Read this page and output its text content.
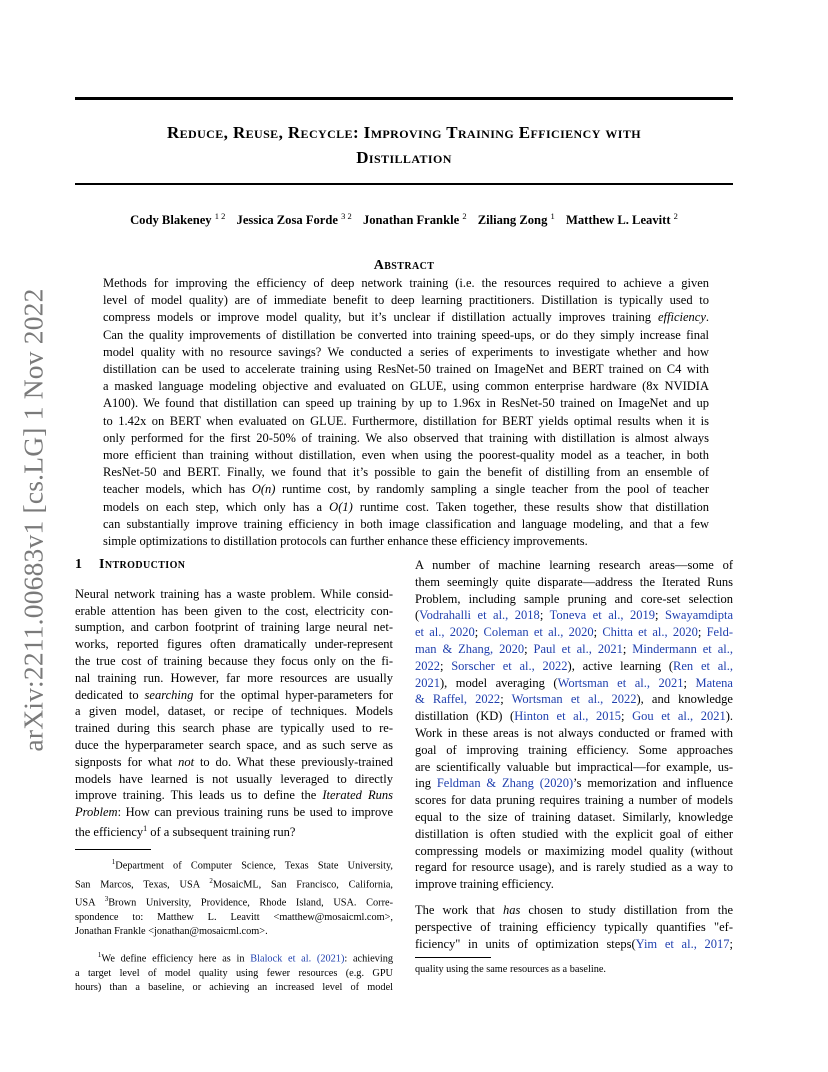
arXiv:2211.00683v1 [cs.LG] 1 Nov 2022
Reduce, Reuse, Recycle: Improving Training Efficiency with
Distillation
Cody Blakeney $^{1 2}$ Jessica Zosa Forde $^{3 2}$ Jonathan Frankle $^2$ Ziliang Zong $^1$ Matthew L. Leavitt $^2$
Abstract
Methods for improving the efficiency of deep network training (i.e. the resources required to achieve a given
level of model quality) are of immediate benefit to deep learning practitioners. Distillation is typically used to
compress models or improve model quality, but it’s unclear if distillation actually improves training efficiency.
Can the quality improvements of distillation be converted into training speed-ups, or do they simply increase final
model quality with no resource savings? We conducted a series of experiments to investigate whether and how
distillation can be used to accelerate training using ResNet-50 trained on ImageNet and BERT trained on C4 with
a masked language modeling objective and evaluated on GLUE, using common enterprise hardware (8x NVIDIA
A100). We found that distillation can speed up training by up to 1.96x in ResNet-50 trained on ImageNet and up
to 1.42x on BERT when evaluated on GLUE. Furthermore, distillation for BERT yields optimal results when it is
only performed for the first 20-50% of training. We also observed that training with distillation is almost always
more efficient than training without distillation, even when using the poorest-quality model as a teacher, in both
ResNet-50 and BERT. Finally, we found that it’s possible to gain the benefit of distilling from an ensemble of
teacher models, which has O(n) runtime cost, by randomly sampling a single teacher from the pool of teacher
models on each step, which only has a O(1) runtime cost. Taken together, these results show that distillation
can substantially improve training efficiency in both image classification and language modeling, and that a few
simple optimizations to distillation protocols can further enhance these efficiency improvements.
1 Introduction
Neural network training has a waste problem. While consid-
erable attention has been given to the cost, electricity con-
sumption, and carbon footprint of training large neural net-
works, reported figures often dramatically under-represent
the true cost of training because they focus only on the fi-
nal training run. However, far more resources are usually
dedicated to searching for the optimal hyper-parameters for
a given model, dataset, or recipe of techniques. Models
trained during this search phase are typically used to re-
duce the hyperparameter search space, and as such serve as
signposts for what not to do. What these previously-trained
models have learned is not usually leveraged to directly
improve training. This leads us to define the Iterated Runs
Problem: How can previous training runs be used to improve
the efficiency$^1$ of a subsequent training run?
$^1$Department of Computer Science, Texas State University,
San Marcos, Texas, USA $^2$MosaicML, San Francisco, California,
USA $^3$Brown University, Providence, Rhode Island, USA. Corre-
spondence to: Matthew L. Leavitt <matthew@mosaicml.com>,
Jonathan Frankle <jonathan@mosaicml.com>.
$^1$We define efficiency here as in Blalock et al. (2021): achieving
a target level of model quality using fewer resources (e.g. GPU
hours) than a baseline, or achieving an increased level of model
A number of machine learning research areas—some of
them seemingly quite disparate—address the Iterated Runs
Problem, including sample pruning and core-set selection
(Vodrahalli et al., 2018; Toneva et al., 2019; Swayamdipta
et al., 2020; Coleman et al., 2020; Chitta et al., 2020; Feld-
man & Zhang, 2020; Paul et al., 2021; Mindermann et al.,
2022; Sorscher et al., 2022), active learning (Ren et al.,
2021), model averaging (Wortsman et al., 2021; Matena
& Raffel, 2022; Wortsman et al., 2022), and knowledge
distillation (KD) (Hinton et al., 2015; Gou et al., 2021).
Work in these areas is not always conducted or framed with
goal of improving training efficiency. Some approaches
are scientifically valuable but impractical—for example, us-
ing Feldman & Zhang (2020)’s memorization and influence
scores for data pruning requires training a number of models
equal to the size of training dataset. Similarly, knowledge
distillation is often studied with the explicit goal of either
compressing models or maximizing model quality (without
regard for resource usage), and is rarely studied as a way to
improve training efficiency.
The work that has chosen to study distillation from the
perspective of training efficiency typically quantifies "ef-
ficiency" in units of optimization steps(Yim et al., 2017;
quality using the same resources as a baseline.
